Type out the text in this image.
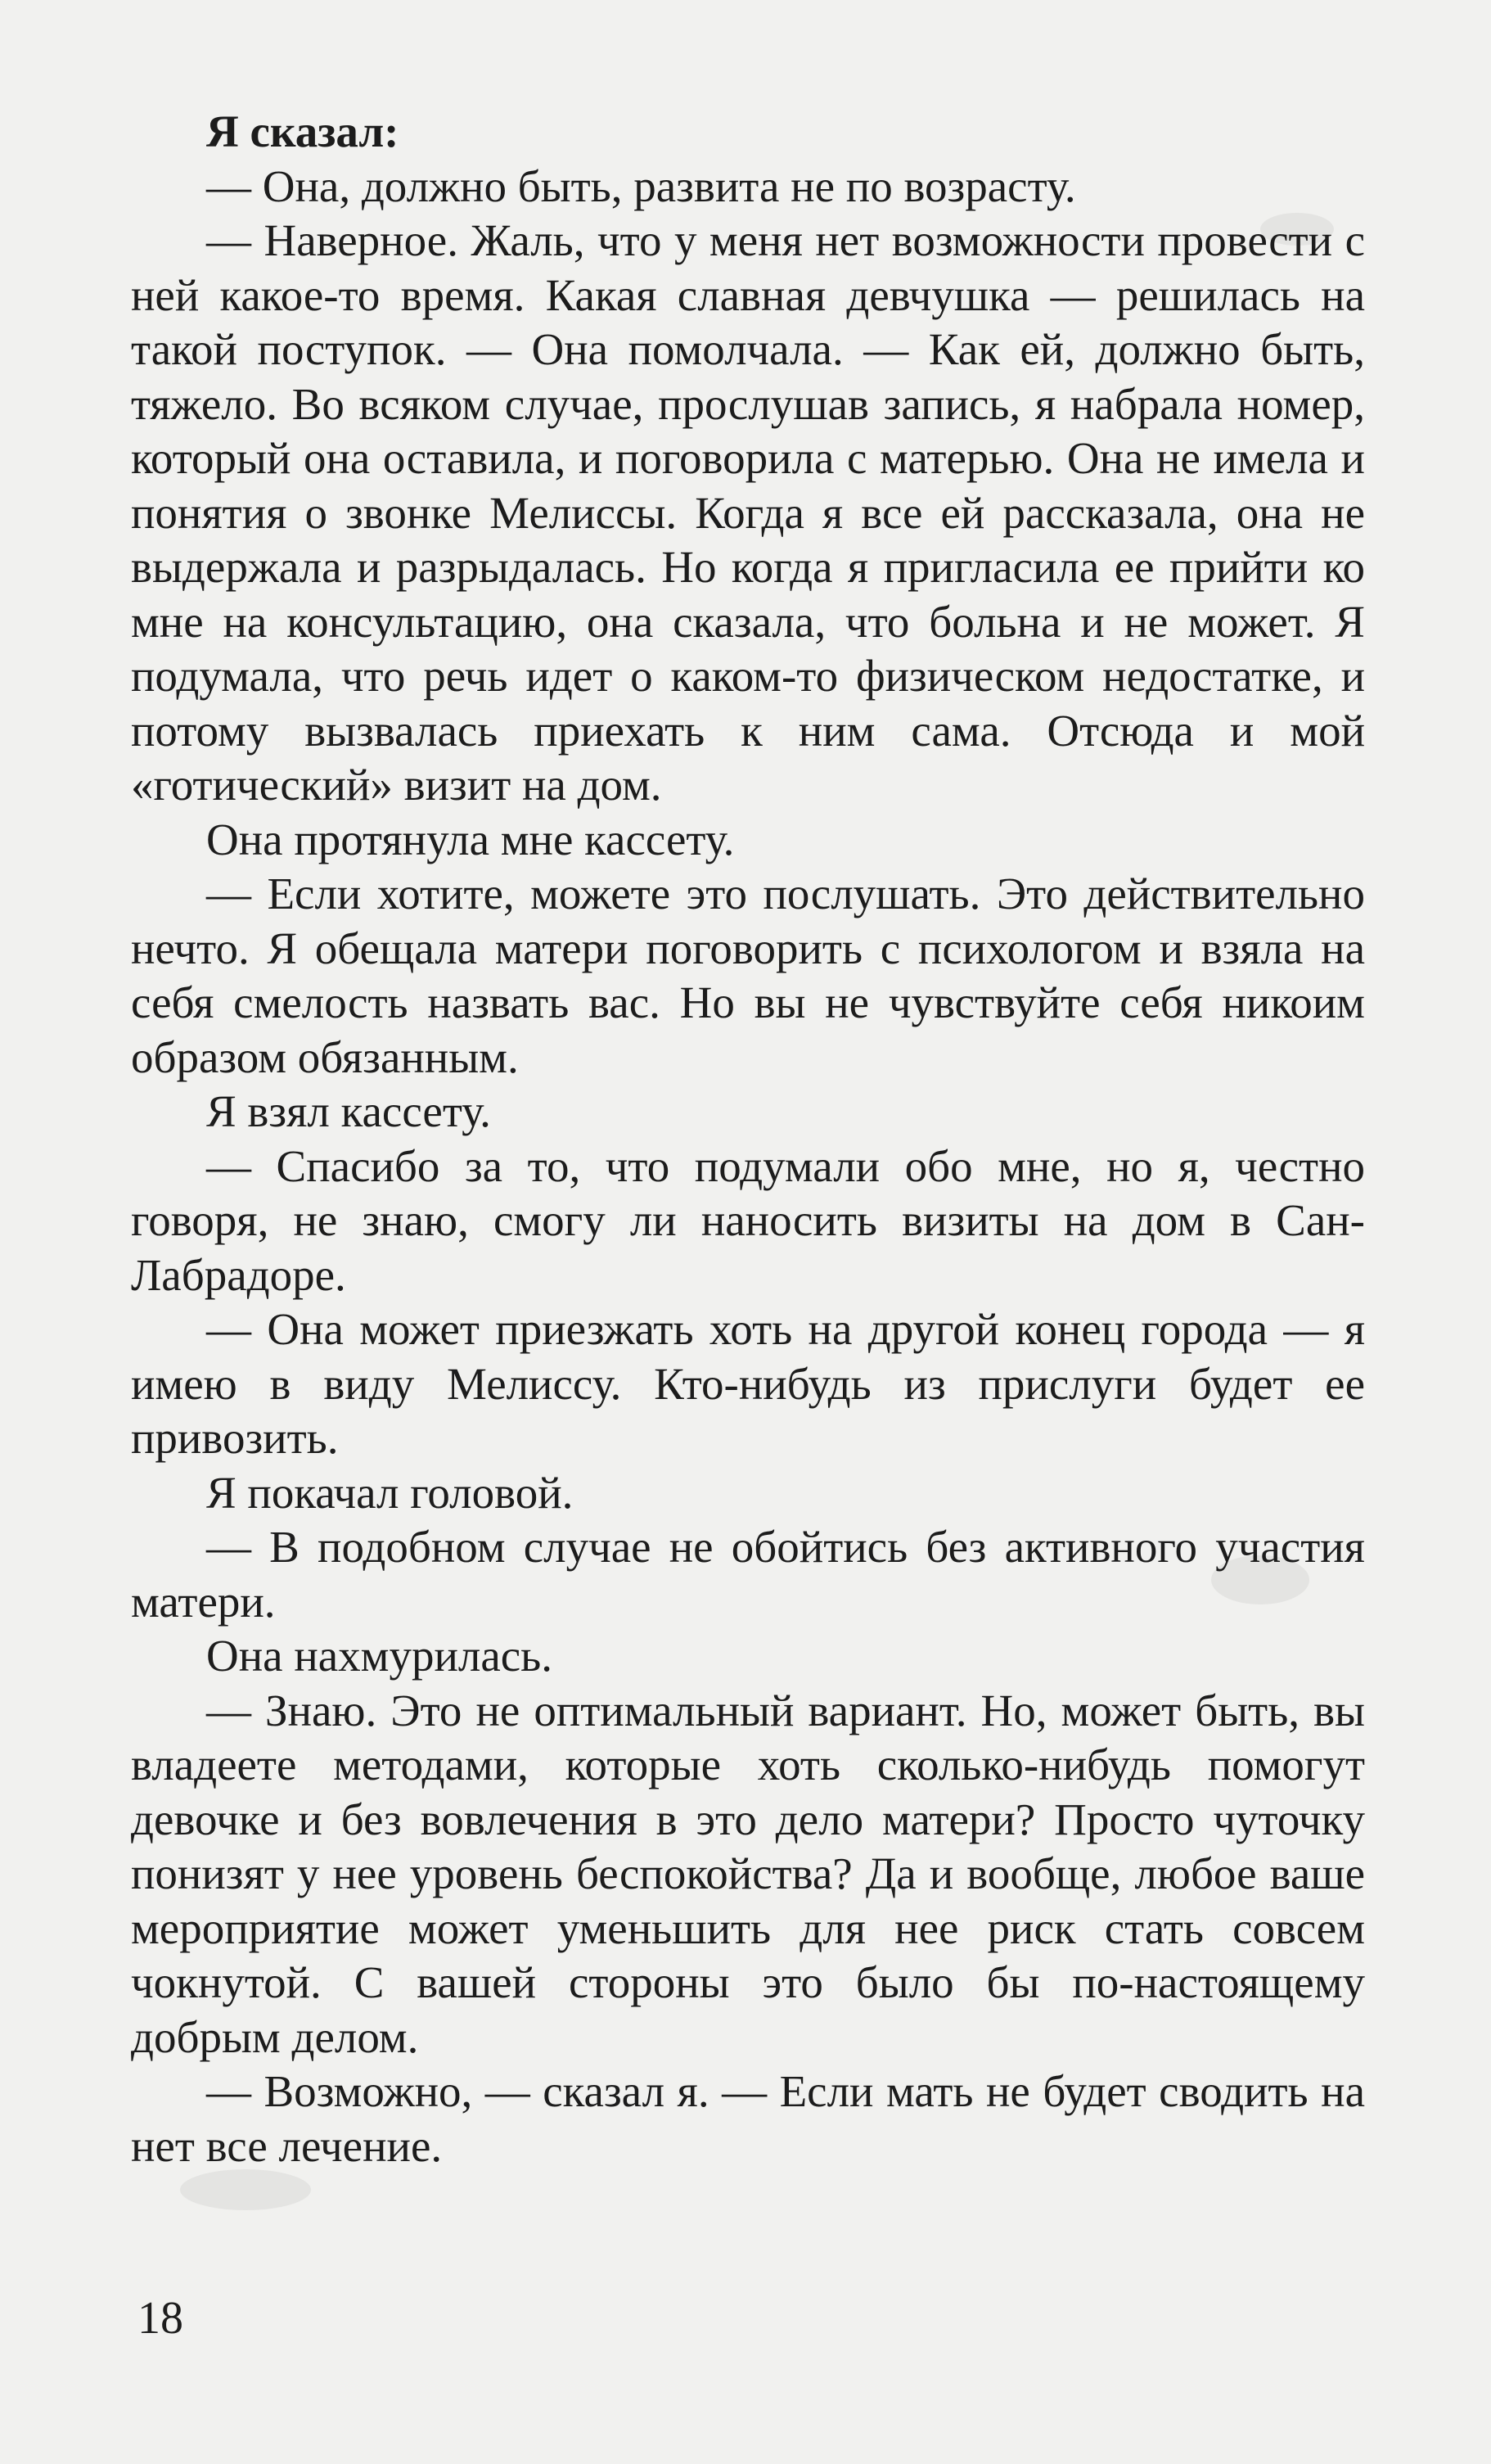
Я сказал:

— Она, должно быть, развита не по возрасту.

— Наверное. Жаль, что у меня нет возможности провести с ней какое-то время. Какая славная девчушка — решилась на такой поступок. — Она помолчала. — Как ей, должно быть, тяжело. Во всяком случае, прослушав запись, я набрала номер, который она оставила, и поговорила с матерью. Она не имела и понятия о звонке Мелиссы. Когда я все ей рассказала, она не выдержала и разрыдалась. Но когда я пригласила ее прийти ко мне на консультацию, она сказала, что больна и не может. Я подумала, что речь идет о каком-то физическом недостатке, и потому вызвалась приехать к ним сама. Отсюда и мой «готический» визит на дом.

Она протянула мне кассету.

— Если хотите, можете это послушать. Это действительно нечто. Я обещала матери поговорить с психологом и взяла на себя смелость назвать вас. Но вы не чувствуйте себя никоим образом обязанным.

Я взял кассету.

— Спасибо за то, что подумали обо мне, но я, честно говоря, не знаю, смогу ли наносить визиты на дом в Сан-Лабрадоре.

— Она может приезжать хоть на другой конец города — я имею в виду Мелиссу. Кто-нибудь из прислуги будет ее привозить.

Я покачал головой.

— В подобном случае не обойтись без активного участия матери.

Она нахмурилась.

— Знаю. Это не оптимальный вариант. Но, может быть, вы владеете методами, которые хоть сколько-нибудь помогут девочке и без вовлечения в это дело матери? Просто чуточку понизят у нее уровень беспокойства? Да и вообще, любое ваше мероприятие может уменьшить для нее риск стать совсем чокнутой. С вашей стороны это было бы по-настоящему добрым делом.

— Возможно, — сказал я. — Если мать не будет сводить на нет все лечение.

18
